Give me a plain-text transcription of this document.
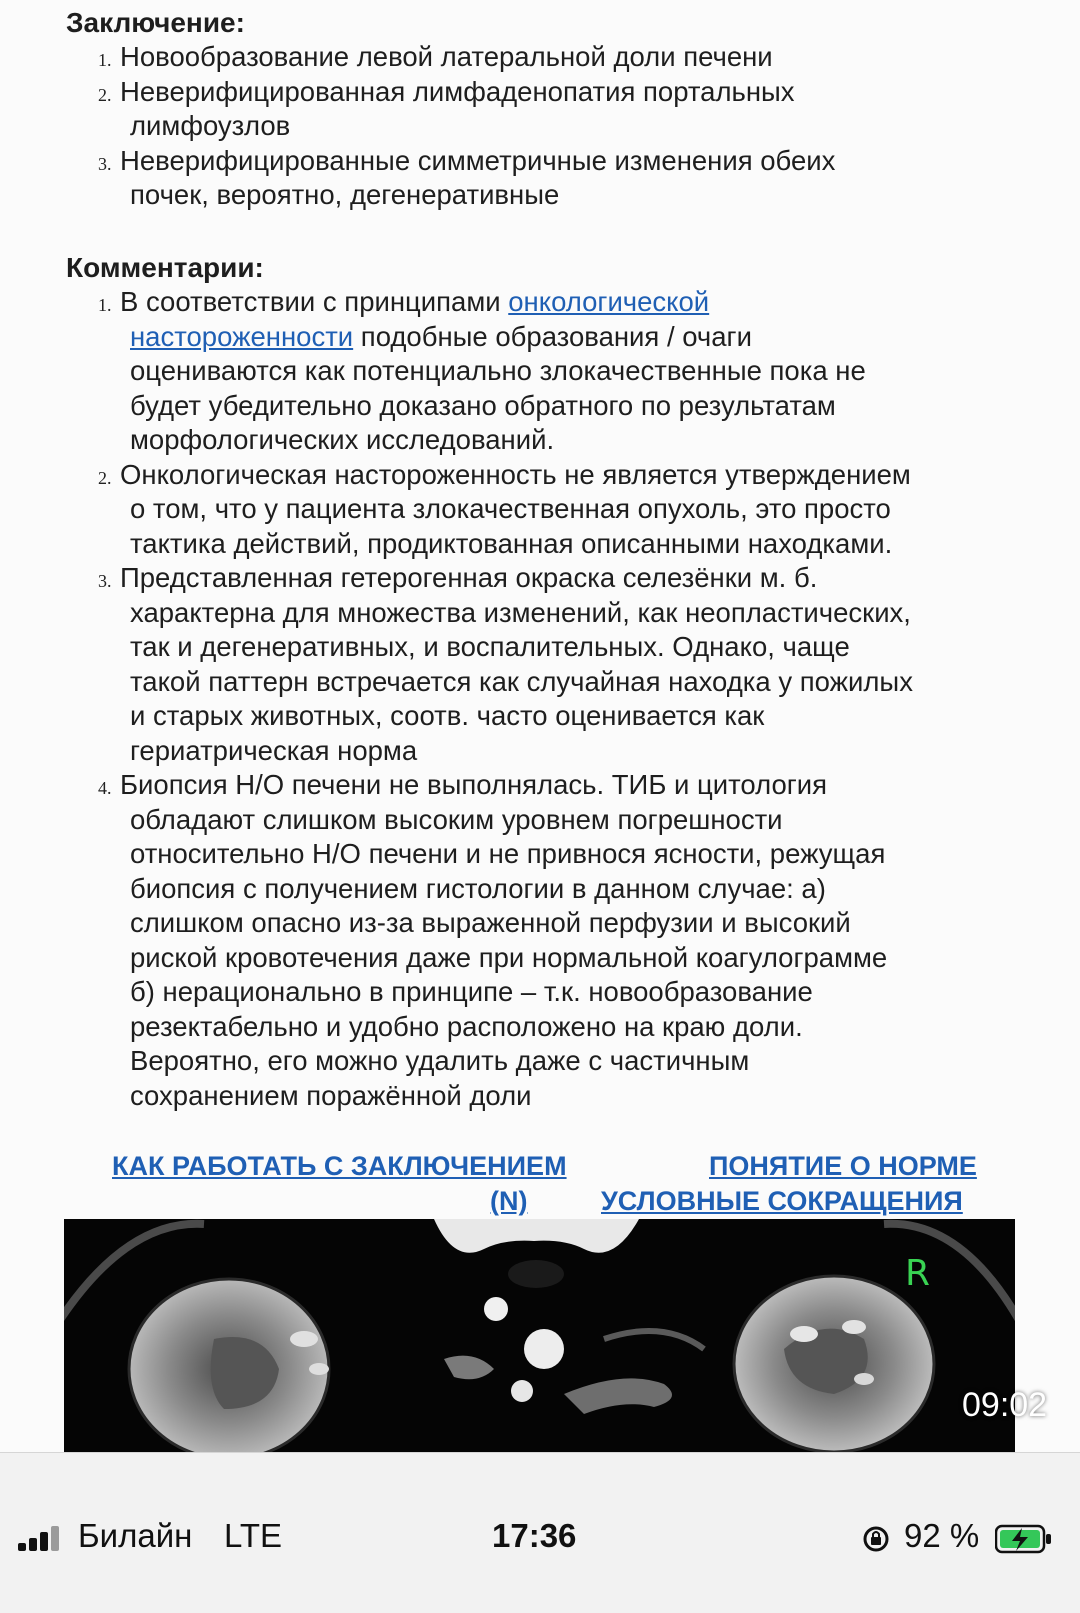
Заключение:
1. Новообразование левой латеральной доли печени
2. Неверифицированная лимфаденопатия портальных
лимфоузлов
3. Неверифицированные симметричные изменения обеих
почек, вероятно, дегенеративные
Комментарии:
1. В соответствии с принципами онкологической
настороженности подобные образования / очаги
оцениваются как потенциально злокачественные пока не
будет убедительно доказано обратного по результатам
морфологических исследований.
2. Онкологическая настороженность не является утверждением
о том, что у пациента злокачественная опухоль, это просто
тактика действий, продиктованная описанными находками.
3. Представленная гетерогенная окраска селезёнки м. б.
характерна для множества изменений, как неопластических,
так и дегенеративных, и воспалительных. Однако, чаще
такой паттерн встречается как случайная находка у пожилых
и старых животных, соотв. часто оценивается как
гериатрическая норма
4. Биопсия Н/О печени не выполнялась. ТИБ и цитология
обладают слишком высоким уровнем погрешности
относительно Н/О печени и не привнося ясности, режущая
биопсия с получением гистологии в данном случае: а)
слишком опасно из-за выраженной перфузии и высокий
риской кровотечения даже при нормальной коагулограмме
б) нерационально в принципе – т.к. новообразование
резектабельно и удобно расположено на краю доли.
Вероятно, его можно удалить даже с частичным
сохранением поражённой доли
КАК РАБОТАТЬ С ЗАКЛЮЧЕНИЕМ	ПОНЯТИЕ О НОРМЕ
(N)	УСЛОВНЫЕ СОКРАЩЕНИЯ
R
09:02
Билайн LTE	17:36	92 %
